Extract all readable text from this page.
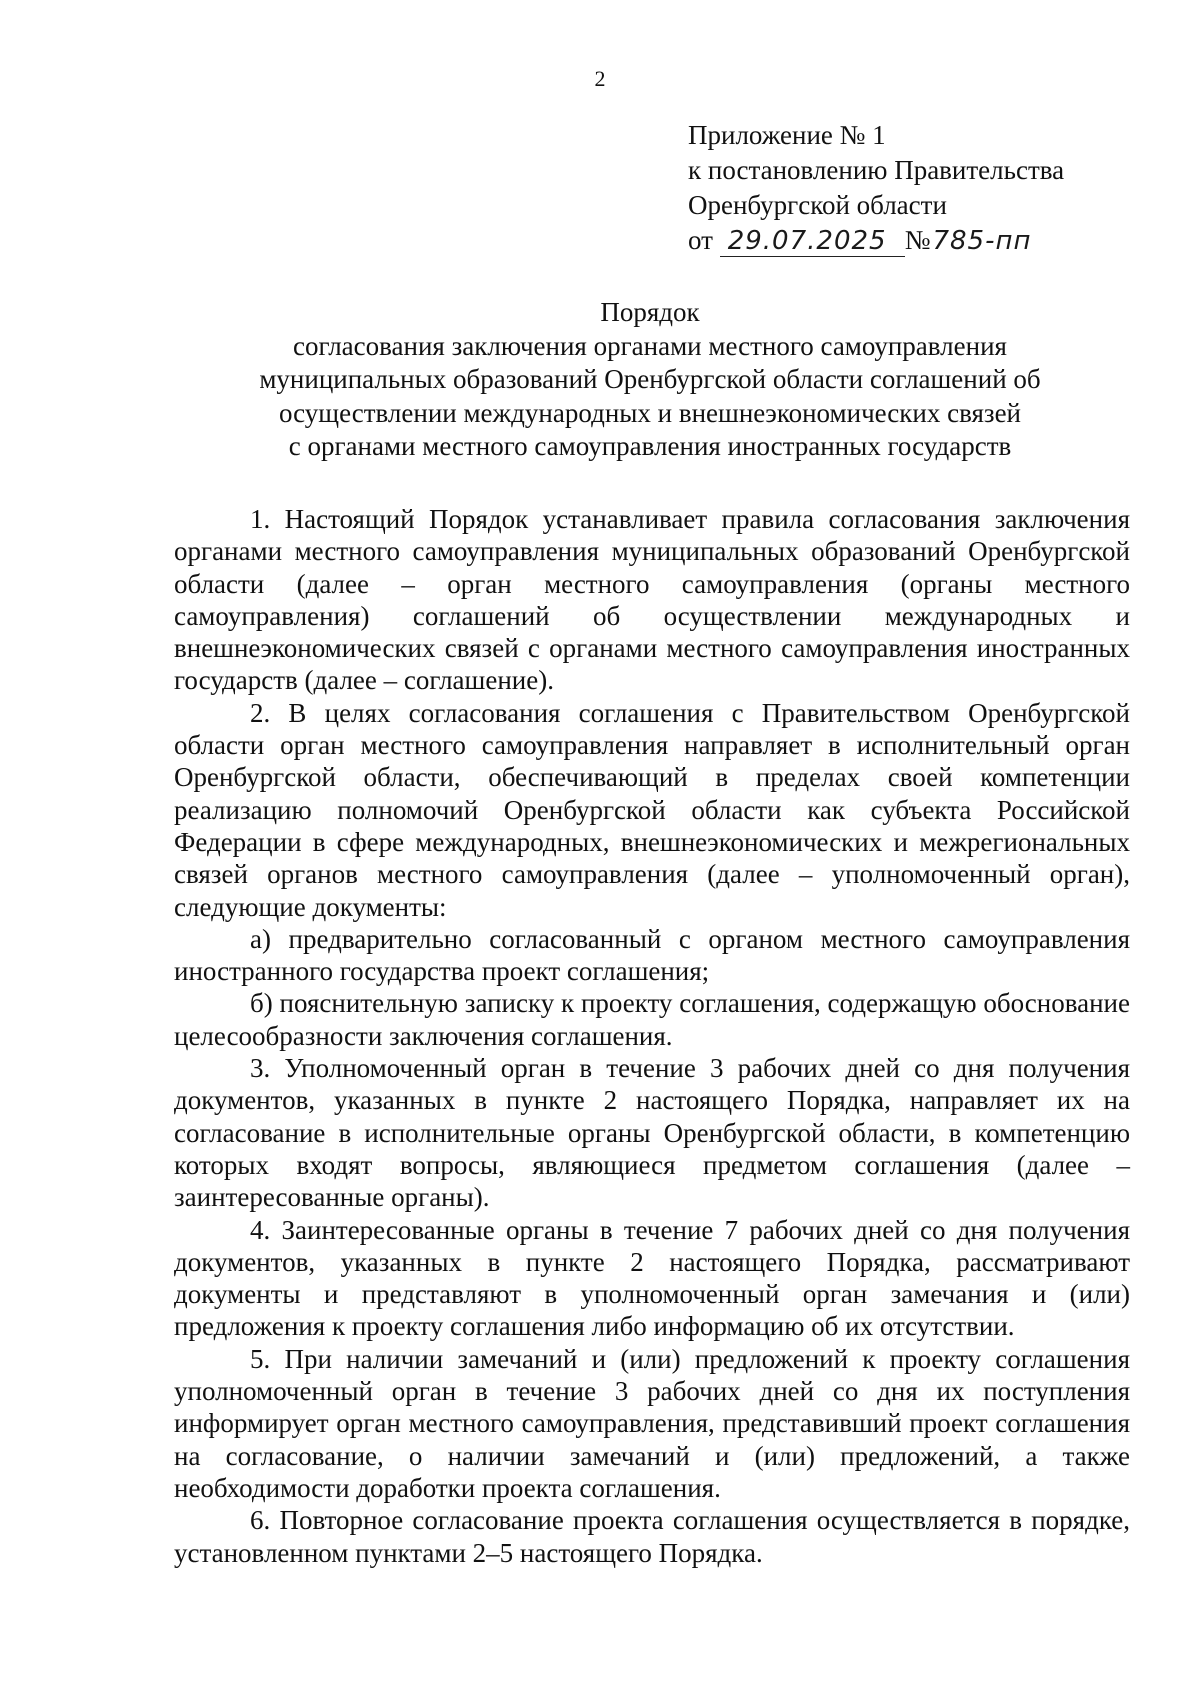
2
Приложение № 1
к постановлению Правительства
Оренбургской области
от 29.07.2025 №785-пп
Порядок
согласования заключения органами местного самоуправления
муниципальных образований Оренбургской области соглашений об
осуществлении международных и внешнеэкономических связей
с органами местного самоуправления иностранных государств

1. Настоящий Порядок устанавливает правила согласования заключения органами местного самоуправления муниципальных образований Оренбургской области (далее – орган местного самоуправления (органы местного самоуправления) соглашений об осуществлении международных и внешнеэкономических связей с органами местного самоуправления иностранных государств (далее – соглашение).

2. В целях согласования соглашения с Правительством Оренбургской области орган местного самоуправления направляет в исполнительный орган Оренбургской области, обеспечивающий в пределах своей компетенции реализацию полномочий Оренбургской области как субъекта Российской Федерации в сфере международных, внешнеэкономических и межрегиональных связей органов местного самоуправления (далее – уполномоченный орган), следующие документы:

а) предварительно согласованный с органом местного самоуправления иностранного государства проект соглашения;

б) пояснительную записку к проекту соглашения, содержащую обоснование целесообразности заключения соглашения.

3. Уполномоченный орган в течение 3 рабочих дней со дня получения документов, указанных в пункте 2 настоящего Порядка, направляет их на согласование в исполнительные органы Оренбургской области, в компетенцию которых входят вопросы, являющиеся предметом соглашения (далее – заинтересованные органы).

4. Заинтересованные органы в течение 7 рабочих дней со дня получения документов, указанных в пункте 2 настоящего Порядка, рассматривают документы и представляют в уполномоченный орган замечания и (или) предложения к проекту соглашения либо информацию об их отсутствии.

5. При наличии замечаний и (или) предложений к проекту соглашения уполномоченный орган в течение 3 рабочих дней со дня их поступления информирует орган местного самоуправления, представивший проект соглашения на согласование, о наличии замечаний и (или) предложений, а также необходимости доработки проекта соглашения.

6. Повторное согласование проекта соглашения осуществляется в порядке, установленном пунктами 2–5 настоящего Порядка.
